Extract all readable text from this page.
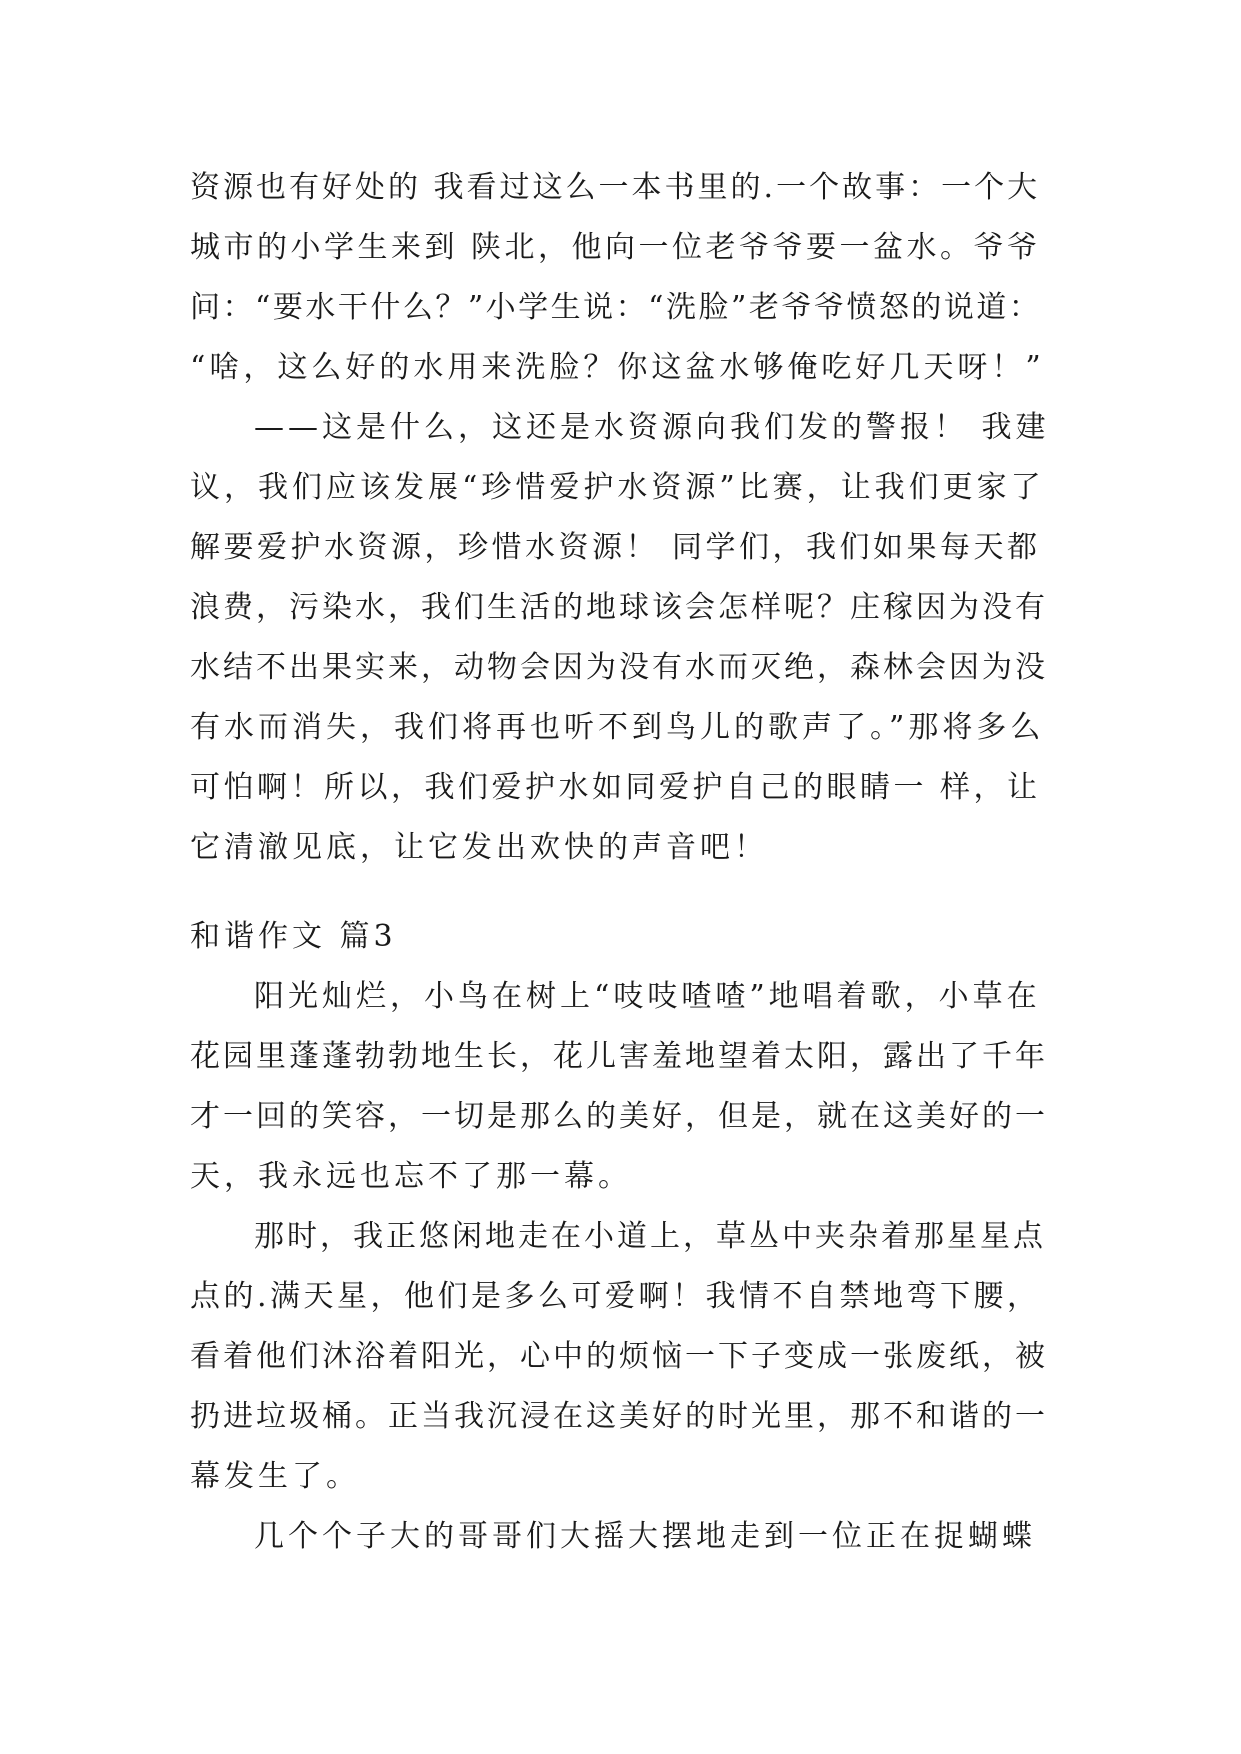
资源也有好处的 我看过这么一本书里的.一个故事：一个大
城市的小学生来到 陕北，他向一位老爷爷要一盆水。爷爷
问：“要水干什么？”小学生说：“洗脸”老爷爷愤怒的说道：
“啥，这么好的水用来洗脸？你这盆水够俺吃好几天呀！”
——这是什么，这还是水资源向我们发的警报！ 我建
议，我们应该发展“珍惜爱护水资源”比赛，让我们更家了
解要爱护水资源，珍惜水资源！ 同学们，我们如果每天都
浪费，污染水，我们生活的地球该会怎样呢？庄稼因为没有
水结不出果实来，动物会因为没有水而灭绝，森林会因为没
有水而消失，我们将再也听不到鸟儿的歌声了。”那将多么
可怕啊！所以，我们爱护水如同爱护自己的眼睛一 样，让
它清澈见底，让它发出欢快的声音吧！
和谐作文 篇3
阳光灿烂，小鸟在树上“吱吱喳喳”地唱着歌，小草在
花园里蓬蓬勃勃地生长，花儿害羞地望着太阳，露出了千年
才一回的笑容，一切是那么的美好，但是，就在这美好的一
天，我永远也忘不了那一幕。
那时，我正悠闲地走在小道上，草丛中夹杂着那星星点
点的.满天星，他们是多么可爱啊！我情不自禁地弯下腰，
看着他们沐浴着阳光，心中的烦恼一下子变成一张废纸，被
扔进垃圾桶。正当我沉浸在这美好的时光里，那不和谐的一
幕发生了。
几个个子大的哥哥们大摇大摆地走到一位正在捉蝴蝶
